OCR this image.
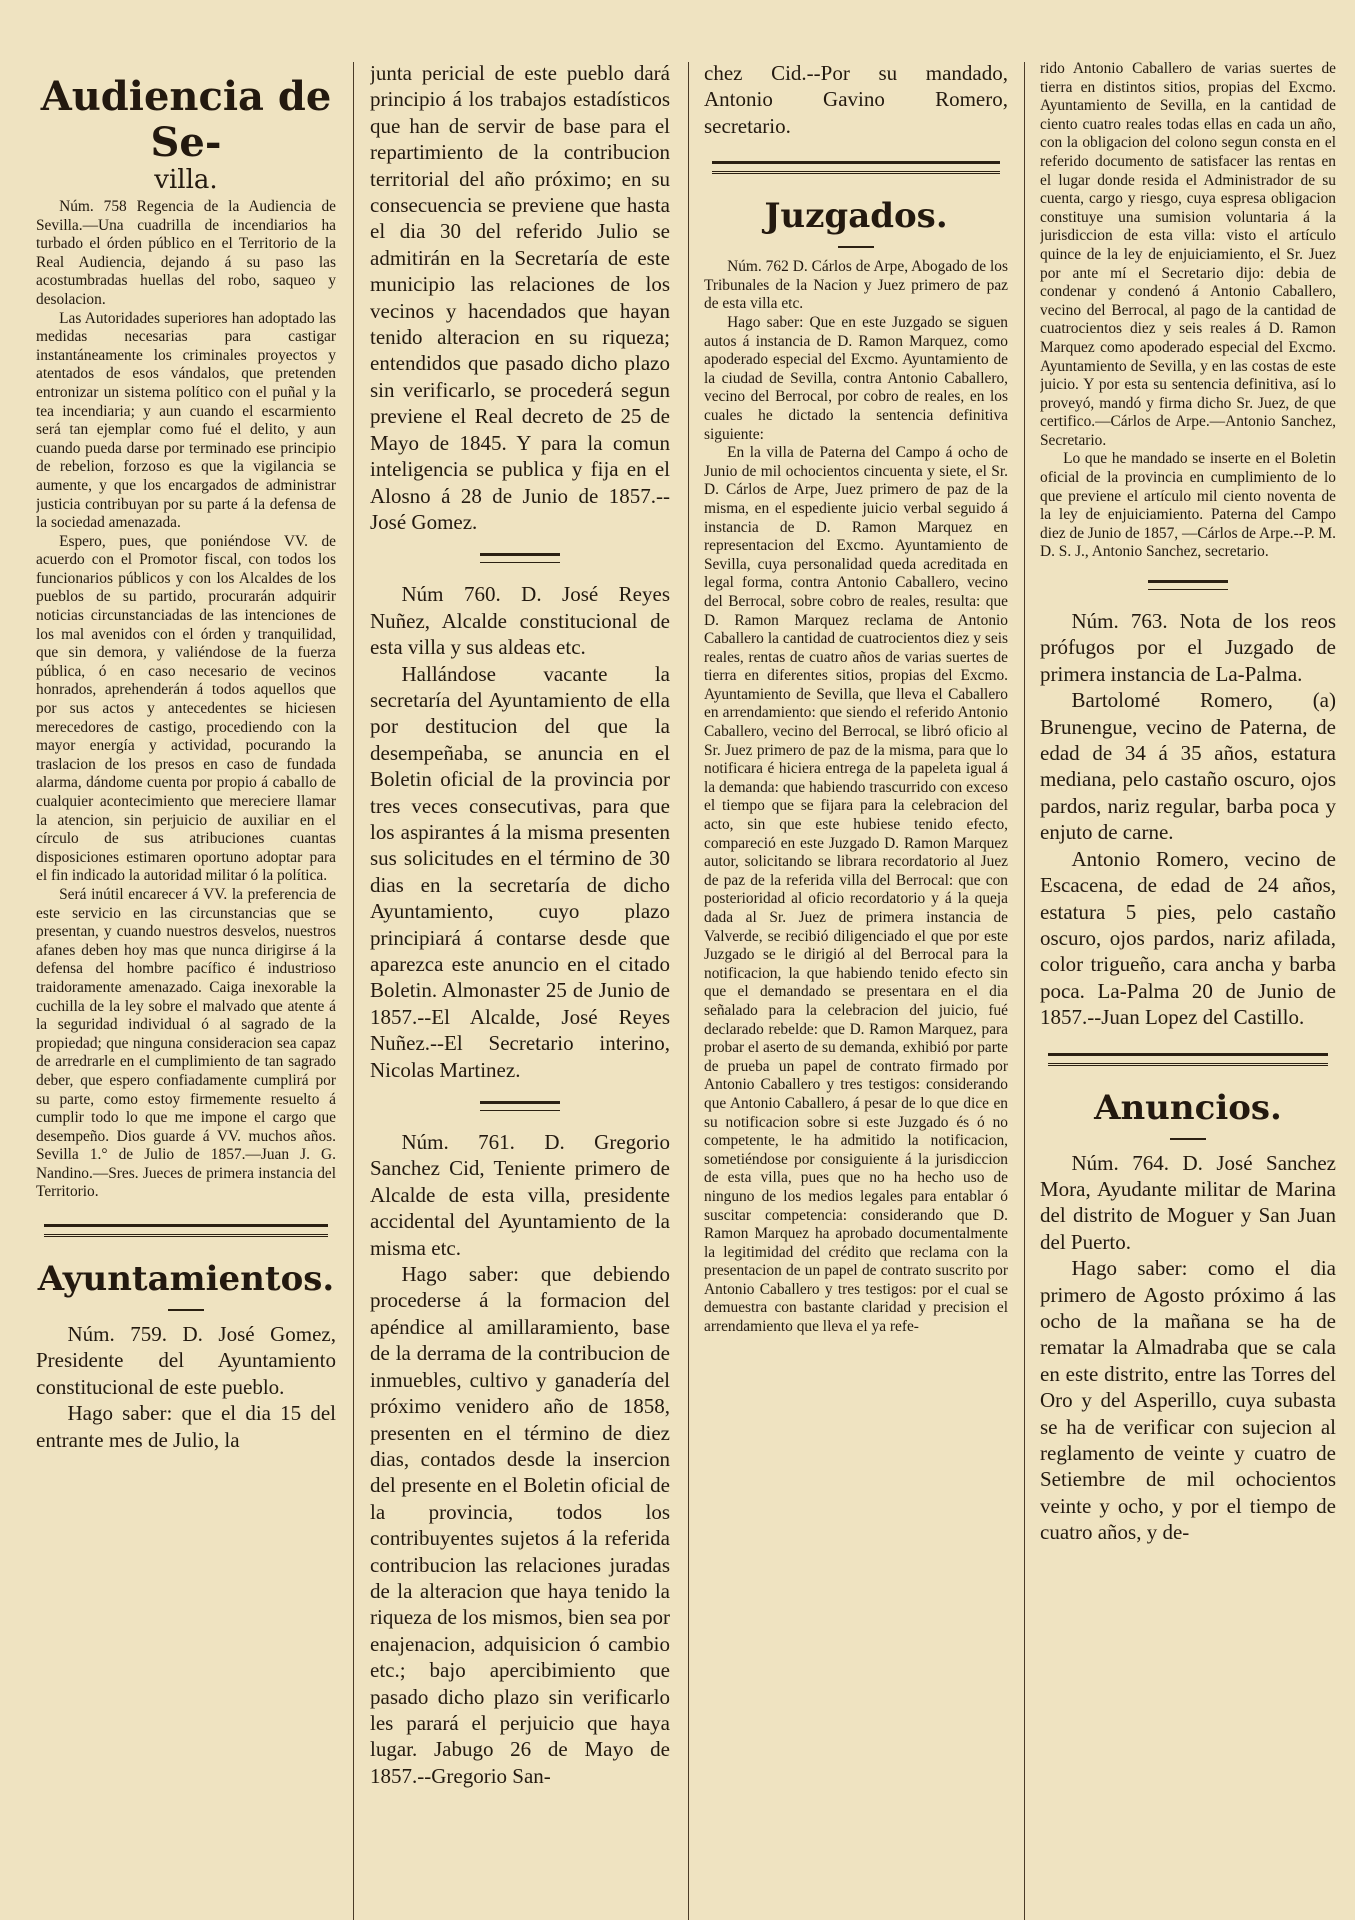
Audiencia de Se-
villa.

Núm. 758 Regencia de la Audiencia de Sevilla.—Una cuadrilla de incendiarios ha turbado el órden público en el Territorio de la Real Audiencia, dejando á su paso las acostumbradas huellas del robo, saqueo y desolacion.

Las Autoridades superiores han adoptado las medidas necesarias para castigar instantáneamente los criminales proyectos y atentados de esos vándalos, que pretenden entronizar un sistema político con el puñal y la tea incendiaria; y aun cuando el escarmiento será tan ejemplar como fué el delito, y aun cuando pueda darse por terminado ese principio de rebelion, forzoso es que la vigilancia se aumente, y que los encargados de administrar justicia contribuyan por su parte á la defensa de la sociedad amenazada.

Espero, pues, que poniéndose VV. de acuerdo con el Promotor fiscal, con todos los funcionarios públicos y con los Alcaldes de los pueblos de su partido, procurarán adquirir noticias circunstanciadas de las intenciones de los mal avenidos con el órden y tranquilidad, que sin demora, y valiéndose de la fuerza pública, ó en caso necesario de vecinos honrados, aprehenderán á todos aquellos que por sus actos y antecedentes se hiciesen merecedores de castigo, procediendo con la mayor energía y actividad, pocurando la traslacion de los presos en caso de fundada alarma, dándome cuenta por propio á caballo de cualquier acontecimiento que mereciere llamar la atencion, sin perjuicio de auxiliar en el círculo de sus atribuciones cuantas disposiciones estimaren oportuno adoptar para el fin indicado la autoridad militar ó la política.

Será inútil encarecer á VV. la preferencia de este servicio en las circunstancias que se presentan, y cuando nuestros desvelos, nuestros afanes deben hoy mas que nunca dirigirse á la defensa del hombre pacífico é industrioso traidoramente amenazado. Caiga inexorable la cuchilla de la ley sobre el malvado que atente á la seguridad individual ó al sagrado de la propiedad; que ninguna consideracion sea capaz de arredrarle en el cumplimiento de tan sagrado deber, que espero confiadamente cumplirá por su parte, como estoy firmemente resuelto á cumplir todo lo que me impone el cargo que desempeño. Dios guarde á VV. muchos años. Sevilla 1.° de Julio de 1857.—Juan J. G. Nandino.—Sres. Jueces de primera instancia del Territorio.

Ayuntamientos.

Núm. 759. D. José Gomez, Presidente del Ayuntamiento constitucional de este pueblo.

Hago saber: que el dia 15 del entrante mes de Julio, la

junta pericial de este pueblo dará principio á los trabajos estadísticos que han de servir de base para el repartimiento de la contribucion territorial del año próximo; en su consecuencia se previene que hasta el dia 30 del referido Julio se admitirán en la Secretaría de este municipio las relaciones de los vecinos y hacendados que hayan tenido alteracion en su riqueza; entendidos que pasado dicho plazo sin verificarlo, se procederá segun previene el Real decreto de 25 de Mayo de 1845. Y para la comun inteligencia se publica y fija en el Alosno á 28 de Junio de 1857.--José Gomez.

Núm 760. D. José Reyes Nuñez, Alcalde constitucional de esta villa y sus aldeas etc.

Hallándose vacante la secretaría del Ayuntamiento de ella por destitucion del que la desempeñaba, se anuncia en el Boletin oficial de la provincia por tres veces consecutivas, para que los aspirantes á la misma presenten sus solicitudes en el término de 30 dias en la secretaría de dicho Ayuntamiento, cuyo plazo principiará á contarse desde que aparezca este anuncio en el citado Boletin. Almonaster 25 de Junio de 1857.--El Alcalde, José Reyes Nuñez.--El Secretario interino, Nicolas Martinez.

Núm. 761. D. Gregorio Sanchez Cid, Teniente primero de Alcalde de esta villa, presidente accidental del Ayuntamiento de la misma etc.

Hago saber: que debiendo procederse á la formacion del apéndice al amillaramiento, base de la derrama de la contribucion de inmuebles, cultivo y ganadería del próximo venidero año de 1858, presenten en el término de diez dias, contados desde la insercion del presente en el Boletin oficial de la provincia, todos los contribuyentes sujetos á la referida contribucion las relaciones juradas de la alteracion que haya tenido la riqueza de los mismos, bien sea por enajenacion, adquisicion ó cambio etc.; bajo apercibimiento que pasado dicho plazo sin verificarlo les parará el perjuicio que haya lugar. Jabugo 26 de Mayo de 1857.--Gregorio San-

chez Cid.--Por su mandado, Antonio Gavino Romero, secretario.

Juzgados.

Núm. 762 D. Cárlos de Arpe, Abogado de los Tribunales de la Nacion y Juez primero de paz de esta villa etc.

Hago saber: Que en este Juzgado se siguen autos á instancia de D. Ramon Marquez, como apoderado especial del Excmo. Ayuntamiento de la ciudad de Sevilla, contra Antonio Caballero, vecino del Berrocal, por cobro de reales, en los cuales he dictado la sentencia definitiva siguiente:

En la villa de Paterna del Campo á ocho de Junio de mil ochocientos cincuenta y siete, el Sr. D. Cárlos de Arpe, Juez primero de paz de la misma, en el espediente juicio verbal seguido á instancia de D. Ramon Marquez en representacion del Excmo. Ayuntamiento de Sevilla, cuya personalidad queda acreditada en legal forma, contra Antonio Caballero, vecino del Berrocal, sobre cobro de reales, resulta: que D. Ramon Marquez reclama de Antonio Caballero la cantidad de cuatrocientos diez y seis reales, rentas de cuatro años de varias suertes de tierra en diferentes sitios, propias del Excmo. Ayuntamiento de Sevilla, que lleva el Caballero en arrendamiento: que siendo el referido Antonio Caballero, vecino del Berrocal, se libró oficio al Sr. Juez primero de paz de la misma, para que lo notificara é hiciera entrega de la papeleta igual á la demanda: que habiendo trascurrido con exceso el tiempo que se fijara para la celebracion del acto, sin que este hubiese tenido efecto, compareció en este Juzgado D. Ramon Marquez autor, solicitando se librara recordatorio al Juez de paz de la referida villa del Berrocal: que con posterioridad al oficio recordatorio y á la queja dada al Sr. Juez de primera instancia de Valverde, se recibió diligenciado el que por este Juzgado se le dirigió al del Berrocal para la notificacion, la que habiendo tenido efecto sin que el demandado se presentara en el dia señalado para la celebracion del juicio, fué declarado rebelde: que D. Ramon Marquez, para probar el aserto de su demanda, exhibió por parte de prueba un papel de contrato firmado por Antonio Caballero y tres testigos: considerando que Antonio Caballero, á pesar de lo que dice en su notificacion sobre si este Juzgado és ó no competente, le ha admitido la notificacion, sometiéndose por consiguiente á la jurisdiccion de esta villa, pues que no ha hecho uso de ninguno de los medios legales para entablar ó suscitar competencia: considerando que D. Ramon Marquez ha aprobado documentalmente la legitimidad del crédito que reclama con la presentacion de un papel de contrato suscrito por Antonio Caballero y tres testigos: por el cual se demuestra con bastante claridad y precision el arrendamiento que lleva el ya refe-

rido Antonio Caballero de varias suertes de tierra en distintos sitios, propias del Excmo. Ayuntamiento de Sevilla, en la cantidad de ciento cuatro reales todas ellas en cada un año, con la obligacion del colono segun consta en el referido documento de satisfacer las rentas en el lugar donde resida el Administrador de su cuenta, cargo y riesgo, cuya espresa obligacion constituye una sumision voluntaria á la jurisdiccion de esta villa: visto el artículo quince de la ley de enjuiciamiento, el Sr. Juez por ante mí el Secretario dijo: debia de condenar y condenó á Antonio Caballero, vecino del Berrocal, al pago de la cantidad de cuatrocientos diez y seis reales á D. Ramon Marquez como apoderado especial del Excmo. Ayuntamiento de Sevilla, y en las costas de este juicio. Y por esta su sentencia definitiva, así lo proveyó, mandó y firma dicho Sr. Juez, de que certifico.—Cárlos de Arpe.—Antonio Sanchez, Secretario.

Lo que he mandado se inserte en el Boletin oficial de la provincia en cumplimiento de lo que previene el artículo mil ciento noventa de la ley de enjuiciamiento. Paterna del Campo diez de Junio de 1857, —Cárlos de Arpe.--P. M. D. S. J., Antonio Sanchez, secretario.

Núm. 763. Nota de los reos prófugos por el Juzgado de primera instancia de La-Palma.

Bartolomé Romero, (a) Brunengue, vecino de Paterna, de edad de 34 á 35 años, estatura mediana, pelo castaño oscuro, ojos pardos, nariz regular, barba poca y enjuto de carne.

Antonio Romero, vecino de Escacena, de edad de 24 años, estatura 5 pies, pelo castaño oscuro, ojos pardos, nariz afilada, color trigueño, cara ancha y barba poca. La-Palma 20 de Junio de 1857.--Juan Lopez del Castillo.

Anuncios.

Núm. 764. D. José Sanchez Mora, Ayudante militar de Marina del distrito de Moguer y San Juan del Puerto.

Hago saber: como el dia primero de Agosto próximo á las ocho de la mañana se ha de rematar la Almadraba que se cala en este distrito, entre las Torres del Oro y del Asperillo, cuya subasta se ha de verificar con sujecion al reglamento de veinte y cuatro de Setiembre de mil ochocientos veinte y ocho, y por el tiempo de cuatro años, y de-
